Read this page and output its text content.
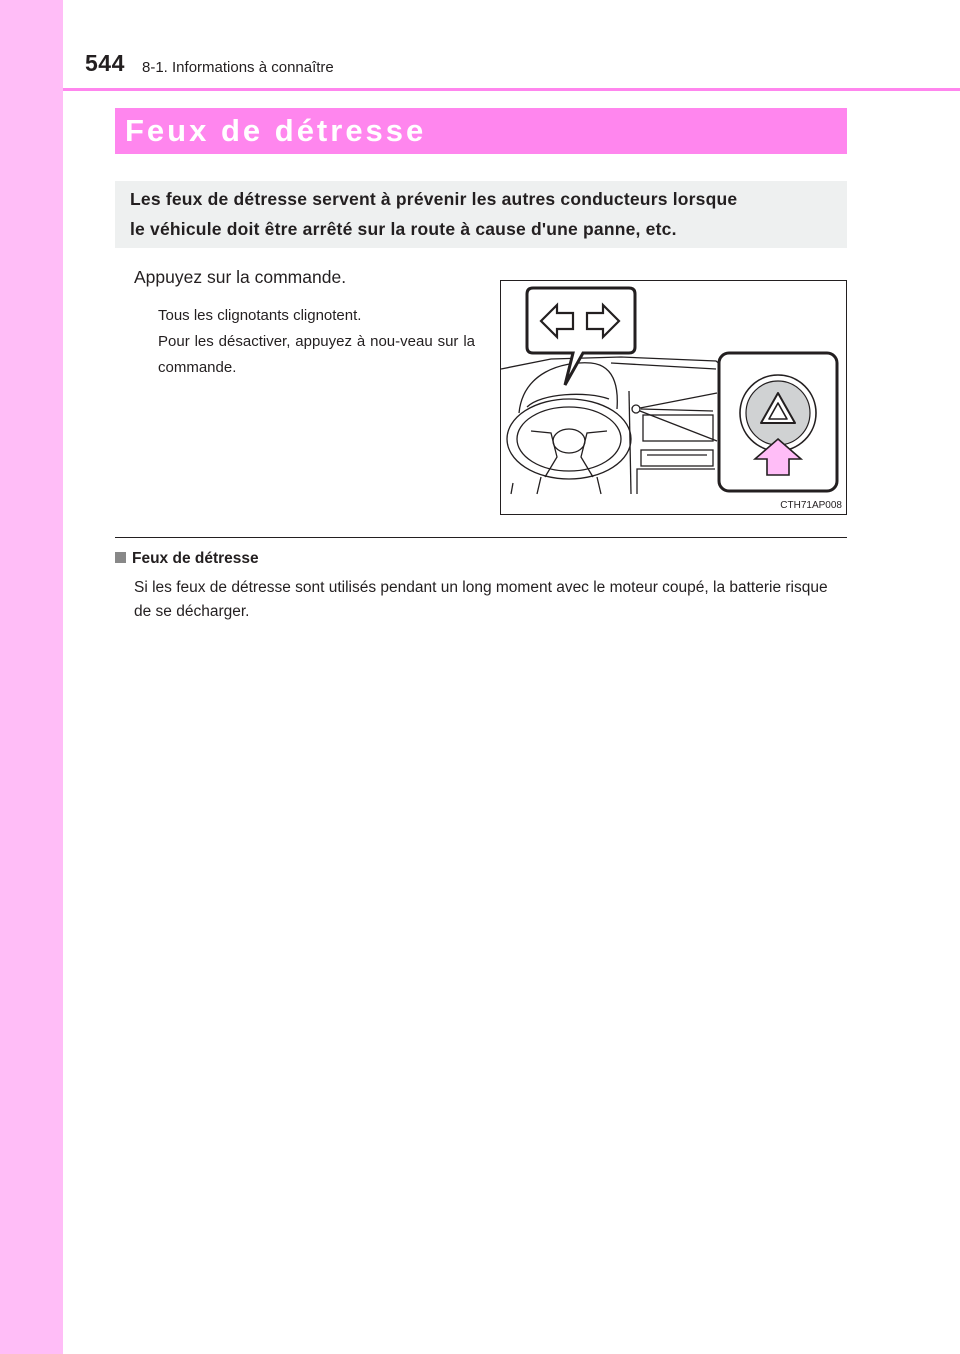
544 8-1. Informations à connaître
Feux de détresse
Les feux de détresse servent à prévenir les autres conducteurs lorsque
le véhicule doit être arrêté sur la route à cause d'une panne, etc.
Appuyez sur la commande.

Tous les clignotants clignotent.

Pour les désactiver, appuyez à nou-veau sur la commande.

CTH71AP008
Feux de détresse
Si les feux de détresse sont utilisés pendant un long moment avec le moteur coupé, la batterie risque de se décharger.
